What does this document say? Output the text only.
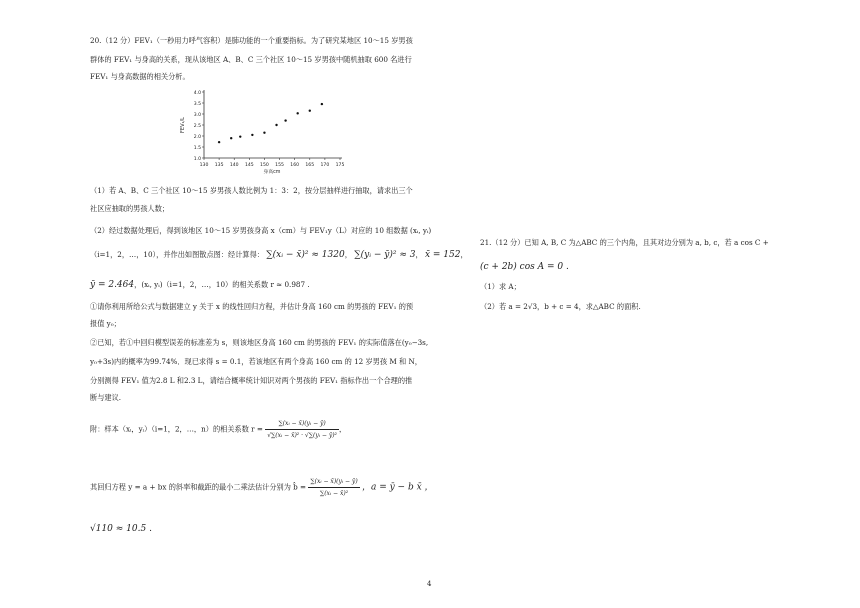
20.（12 分）FEV₁（一秒用力呼气容积）是肺功能的一个重要指标。为了研究某地区 10～15 岁男孩
群体的 FEV₁ 与身高的关系，现从该地区 A、B、C 三个社区 10～15 岁男孩中随机抽取 600 名进行
FEV₁ 与身高数据的相关分析。
1.0
1.5
2.0
2.5
3.0
3.5
4.0
130 135 140 145 150 155 160 165 170 175
身高cm
FEV₁/L
（1）若 A、B、C 三个社区 10～15 岁男孩人数比例为 1：3：2，按分层抽样进行抽取，请求出三个
社区应抽取的男孩人数；
（2）经过数据处理后，得到该地区 10～15 岁男孩身高 x（cm）与 FEV₁y（L）对应的 10 组数据 (xᵢ, yᵢ)
（i=1，2，…，10），并作出如图散点图：经计算得： ∑(xᵢ − x̄)² ≈ 1320， ∑(yᵢ − ȳ)² ≈ 3， x̄ = 152，
ȳ = 2.464，(xᵢ, yᵢ)（i=1，2，…，10）的相关系数 r ≈ 0.987 .
①请你利用所给公式与数据建立 y 关于 x 的线性回归方程，并估计身高 160 cm 的男孩的 FEV₁ 的预
报值 y₀；
②已知，若①中回归模型误差的标准差为 s，则该地区身高 160 cm 的男孩的 FEV₁ 的实际值落在(y₀−3s,
y₀+3s)内的概率为99.74%．现已求得 s = 0.1，若该地区有两个身高 160 cm 的 12 岁男孩 M 和 N，
分别测得 FEV₁ 值为2.8 L 和2.3 L，请结合概率统计知识对两个男孩的 FEV₁ 指标作出一个合理的推
断与建议.
附：样本（xᵢ，yᵢ）（i=1，2，…，n）的相关系数 $r = \frac{\text{∑(xᵢ − x̄)(yᵢ − ȳ)}}{\text{√∑(xᵢ − x̄)² · √∑(yᵢ − ȳ)²}}$ ，
其回归方程 y = a + bx 的斜率和截距的最小二乘法估计分别为 b̂ = $\frac{\text{∑(xᵢ − x̄)(yᵢ − ȳ)}}{\text{∑(xᵢ − x̄)²}}$ ，a = ȳ − b x̄ ，
√110 ≈ 10.5 .
21.（12 分）已知 A, B, C 为△ABC 的三个内角，且其对边分别为 a, b, c，若 a cos C +
(c + 2b) cos A = 0 .
（1）求 A；
（2）若 a = 2√3，b + c = 4，求△ABC 的面积.
4
